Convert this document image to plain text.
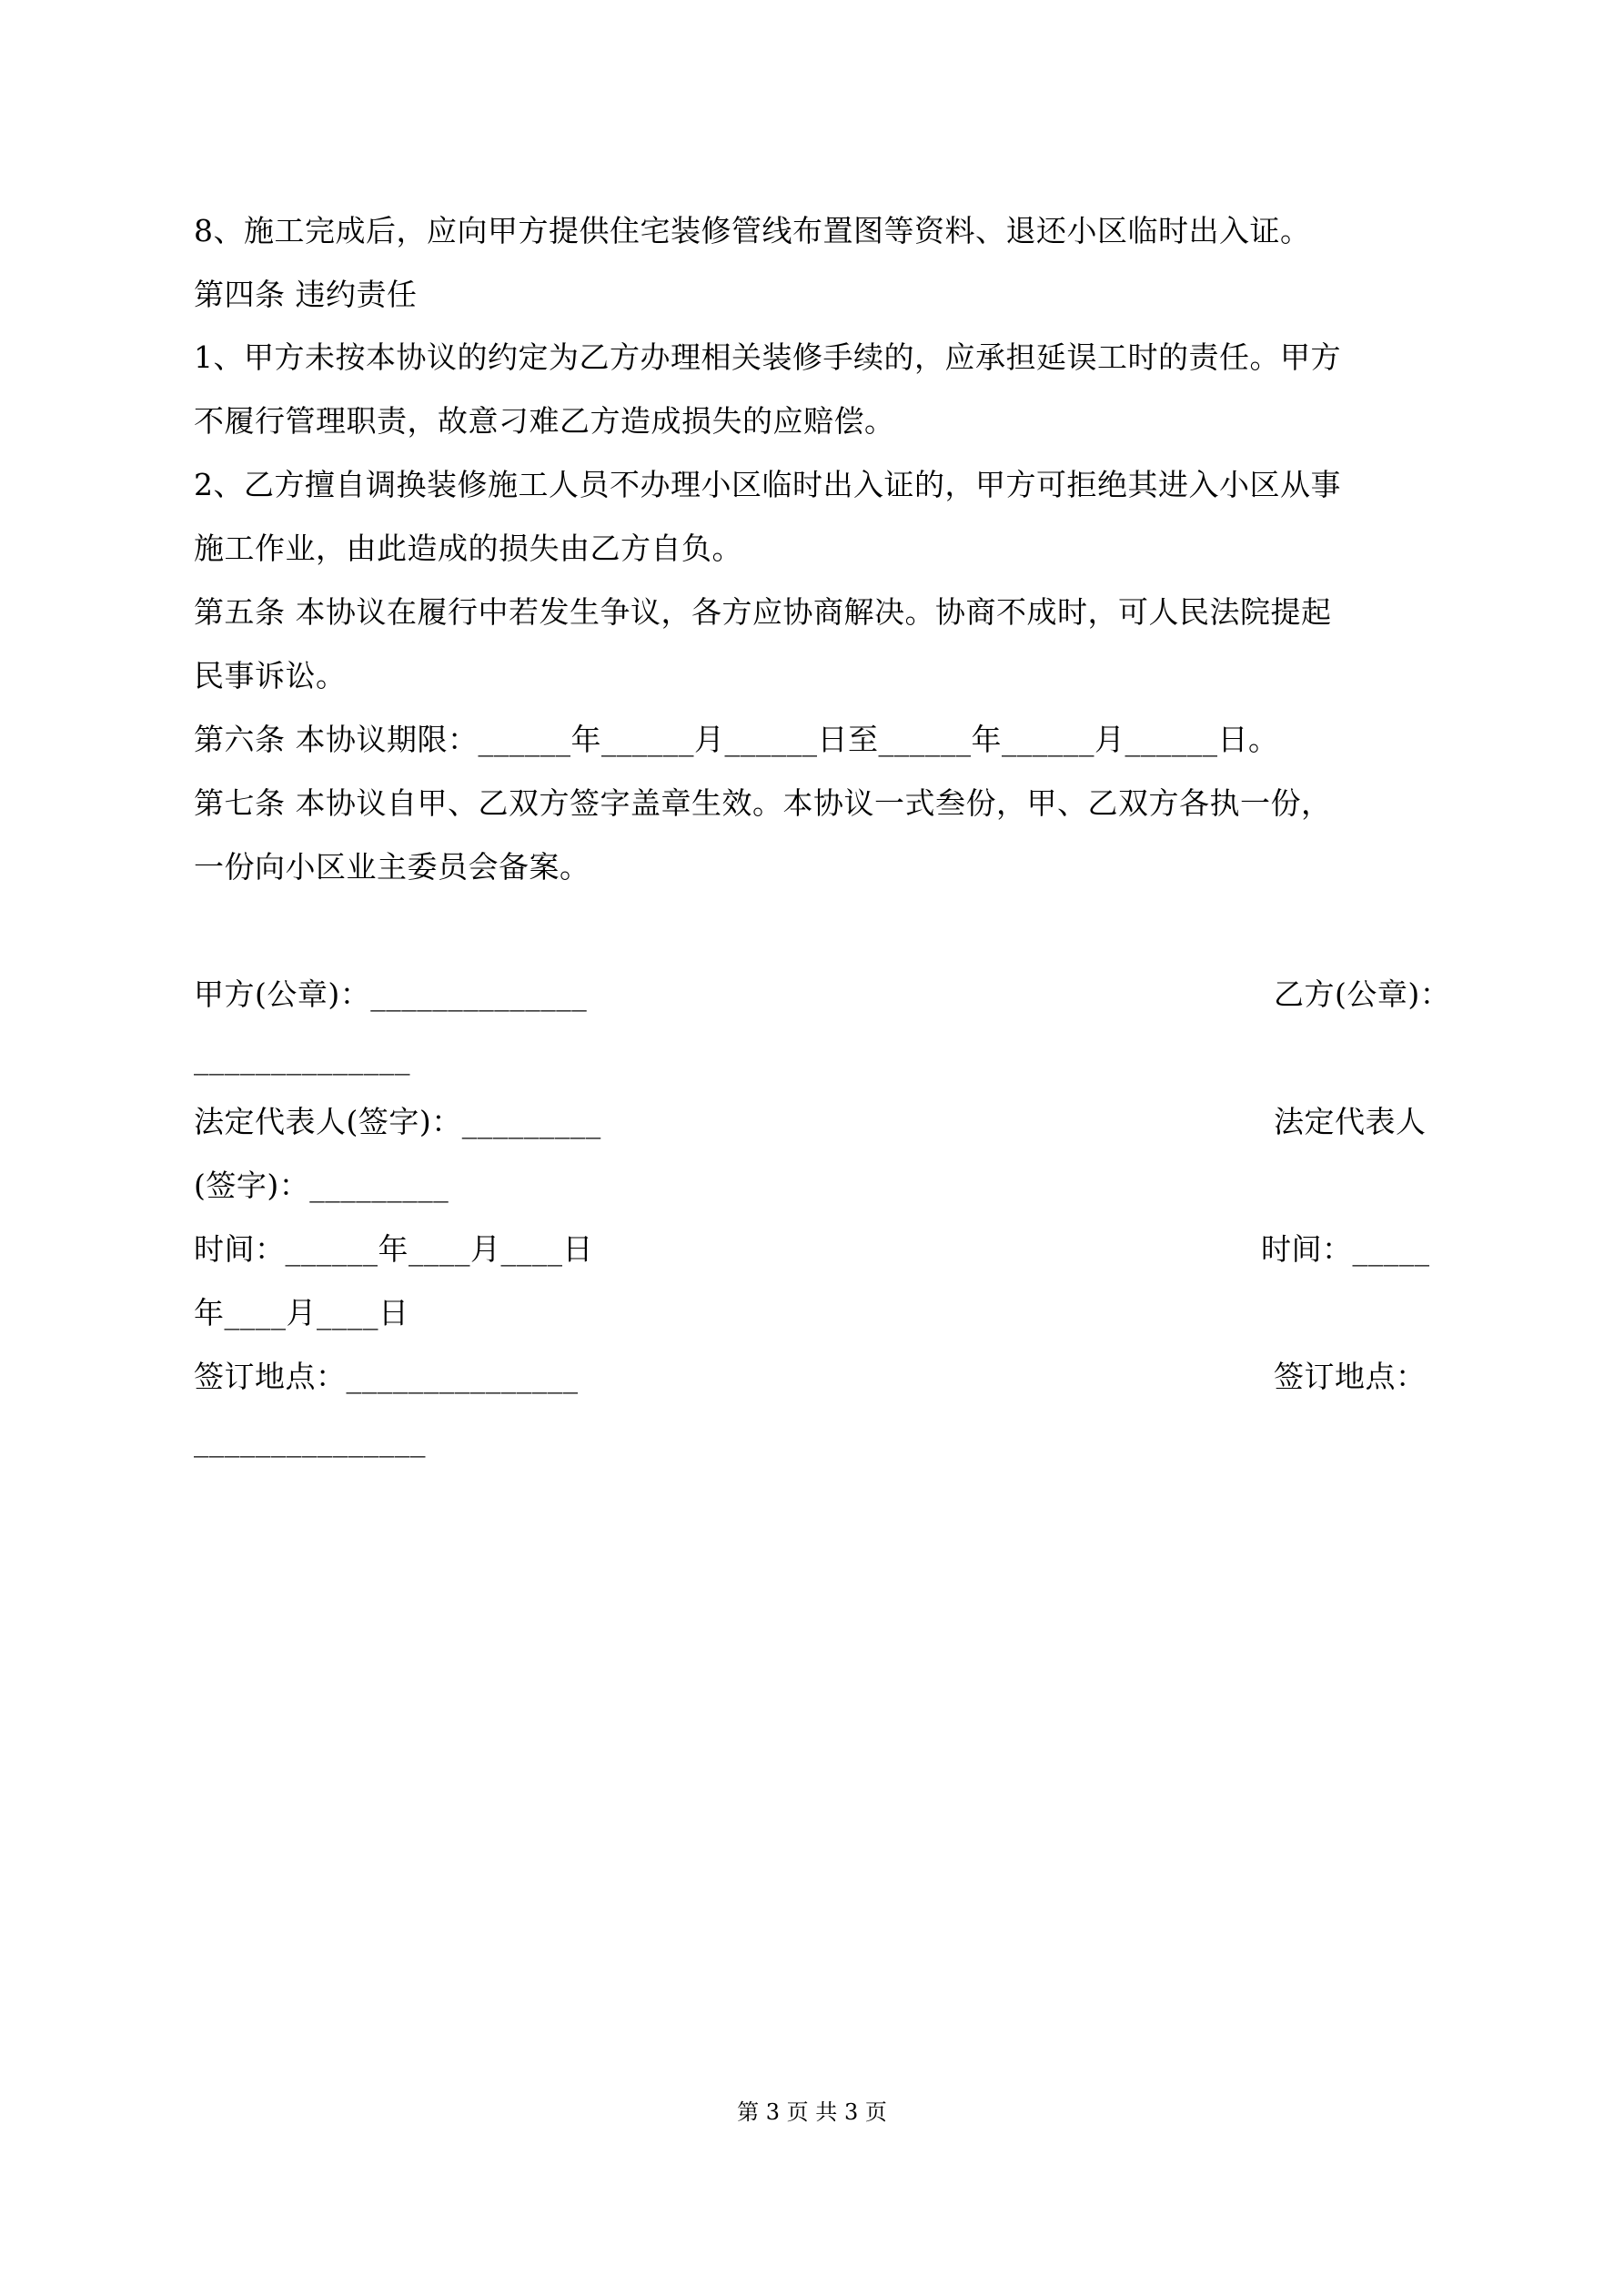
8、施工完成后，应向甲方提供住宅装修管线布置图等资料、退还小区临时出入证。
第四条 违约责任
1、甲方未按本协议的约定为乙方办理相关装修手续的，应承担延误工时的责任。甲方
不履行管理职责，故意刁难乙方造成损失的应赔偿。
2、乙方擅自调换装修施工人员不办理小区临时出入证的，甲方可拒绝其进入小区从事
施工作业，由此造成的损失由乙方自负。
第五条 本协议在履行中若发生争议，各方应协商解决。协商不成时，可人民法院提起
民事诉讼。
第六条 本协议期限：______年______月______日至______年______月______日。
第七条 本协议自甲、乙双方签字盖章生效。本协议一式叁份，甲、乙双方各执一份，
一份向小区业主委员会备案。
甲方(公章)：______________	乙方(公章)：
______________
法定代表人(签字)：_________	法定代表人
(签字)：_________
时间：______年____月____日	时间：_____
年____月____日
签订地点：_______________	签订地点：
_______________
第 3 页 共 3 页
